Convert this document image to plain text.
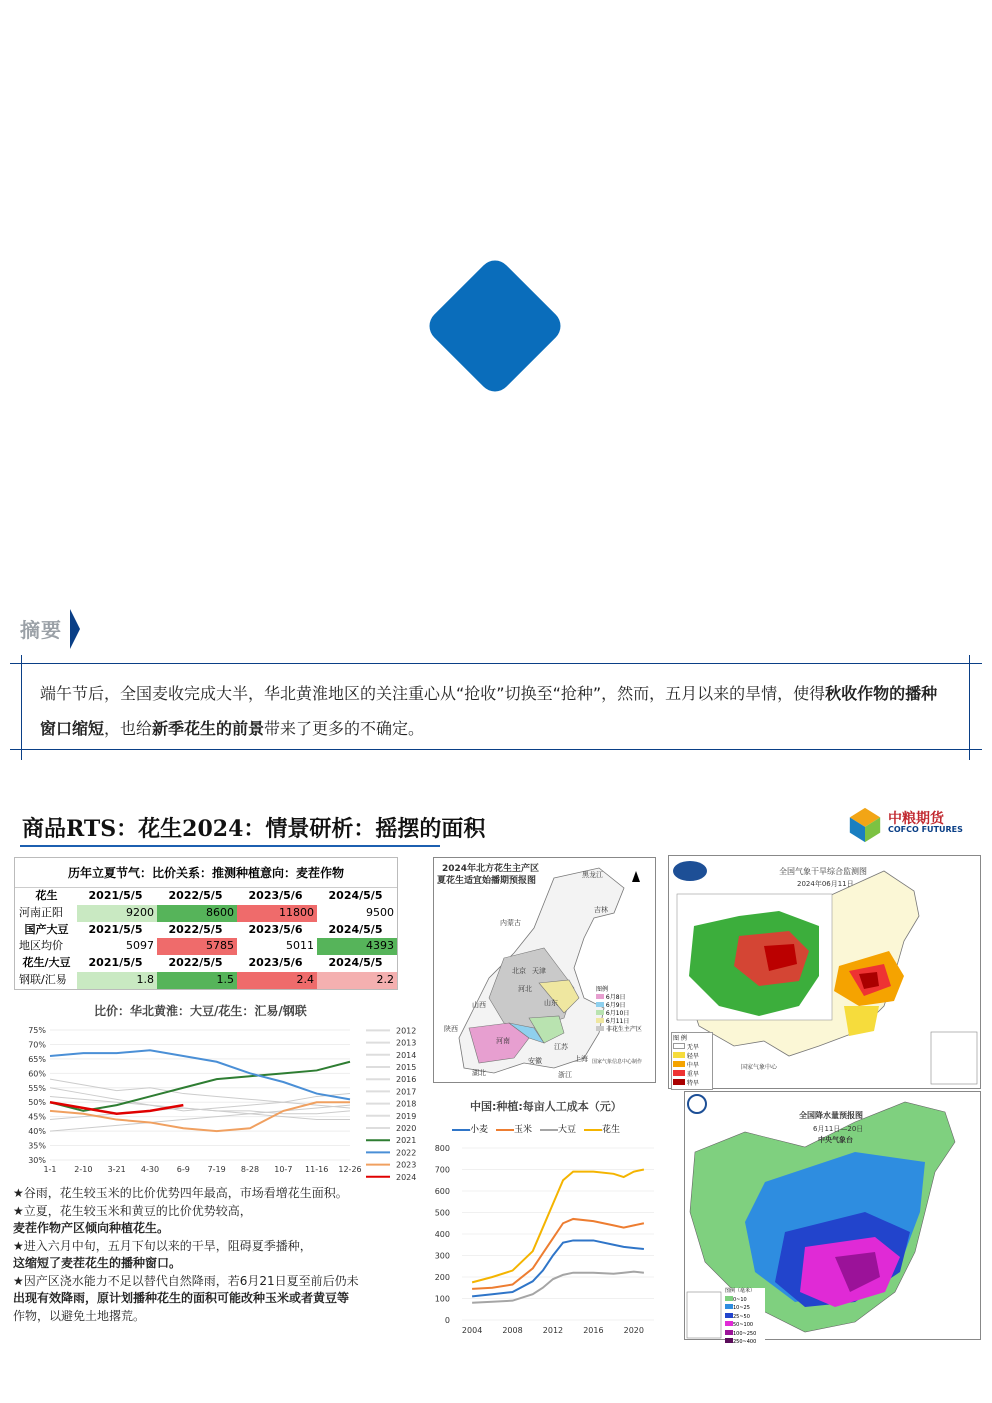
摘要
端午节后，全国麦收完成大半，华北黄淮地区的关注重心从“抢收”切换至“抢种”，然而，五月以来的旱情，使得秋收作物的播种窗口缩短，也给新季花生的前景带来了更多的不确定。
商品RTS：花生2024：情景研析：摇摆的面积	中粮期货
COFCO FUTURES
历年立夏节气：比价关系：推测种植意向：麦茬作物
花生	2021/5/5	2022/5/5	2023/5/6	2024/5/5
河南正阳	9200	8600	11800	9500
国产大豆	2021/5/5	2022/5/5	2023/5/6	2024/5/5
地区均价	5097	5785	5011	4393
花生/大豆	2021/5/5	2022/5/5	2023/5/6	2024/5/5
钢联/汇易	1.8	1.5	2.4	2.2
比价：华北黄淮：大豆/花生：汇易/钢联
75%
70%
65%
60%
55%
50%
45%
40%
35%
30%
1-1 2-10 3-21 4-30 6-9 7-19 8-28 10-7 11-16 12-26
2012
2013
2014
2015
2016
2017
2018
2019
2020
2021
2022
2023
2024
★谷雨，花生较玉米的比价优势四年最高，市场看增花生面积。
★立夏，花生较玉米和黄豆的比价优势较高，
麦茬作物产区倾向种植花生。
★进入六月中旬，五月下旬以来的干旱，阻碍夏季播种，
这缩短了麦茬花生的播种窗口。
★因产区浇水能力不足以替代自然降雨，若6月21日夏至前后仍未
出现有效降雨，原计划播种花生的面积可能改种玉米或者黄豆等
作物，以避免土地撂荒。
2024年北方花生主产区
夏花生适宜始播期预报图
黑龙江
吉林
内蒙古
北京 天津
河北
山西	山东
陕西
河南
江苏
安徽
湖北	浙江
上海
图例
6月8日
6月9日
6月10日
6月11日
非花生主产区
国家气象信息中心制作
全国气象干旱综合监测图
2024年06月11日
图 例
无旱
轻旱
中旱
重旱
特旱
国家气象中心
中国:种植:每亩人工成本（元）
小麦	玉米	大豆	花生
800
700
600
500
400
300
200
100
0
2004	2008	2012	2016	2020
全国降水量预报图
6月11日—20日
中央气象台
图例（毫米）
0~10
10~25
25~50
50~100
100~250
250~400
